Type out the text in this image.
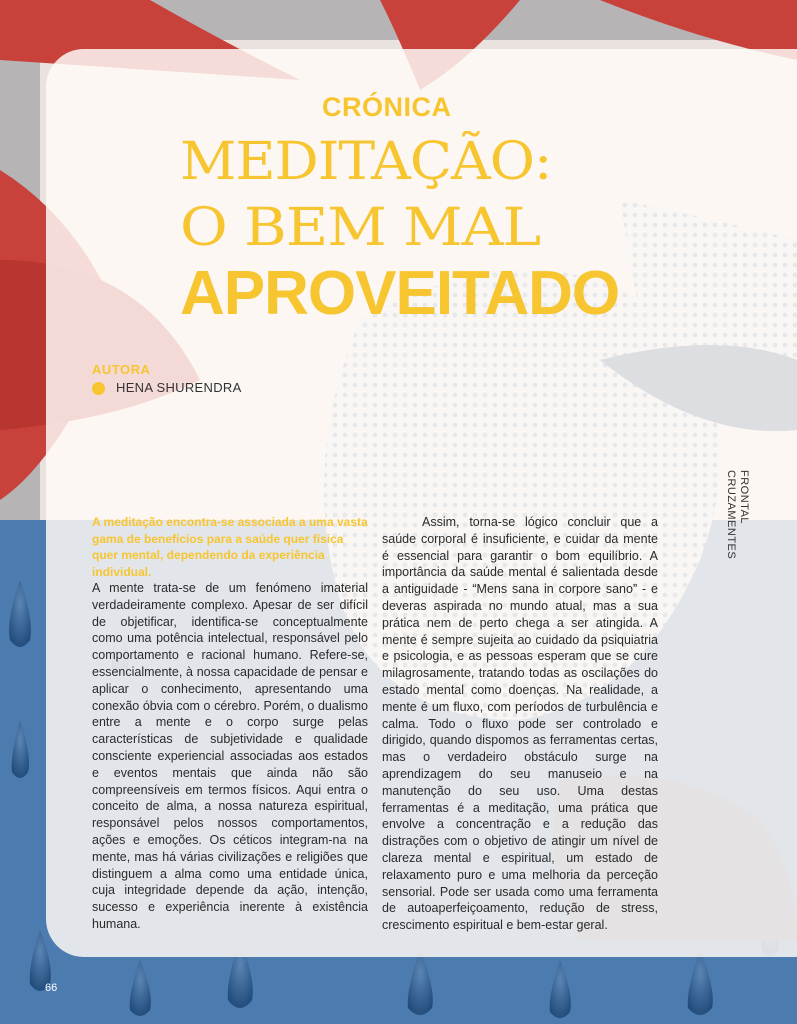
CRÓNICA
MEDITAÇÃO:
O BEM MAL
APROVEITADO
AUTORA
HENA SHURENDRA
FRONTAL
CRUZAMENTES

A meditação encontra-se associada a uma vasta gama de benefícios para a saúde quer física quer mental, dependendo da experiência individual.

A mente trata-se de um fenómeno imaterial verdadeiramente complexo. Apesar de ser difícil de objetificar, identifica-se conceptualmente como uma potência intelectual, responsável pelo comportamento e racional humano. Refere-se, essencialmente, à nossa capacidade de pensar e aplicar o conhecimento, apresentando uma conexão óbvia com o cérebro. Porém, o dualismo entre a mente e o corpo surge pelas características de subjetividade e qualidade consciente experiencial associadas aos estados e eventos mentais que ainda não são compreensíveis em termos físicos. Aqui entra o conceito de alma, a nossa natureza espiritual, responsável pelos nossos comportamentos, ações e emoções. Os céticos integram-na na mente, mas há várias civilizações e religiões que distinguem a alma como uma entidade única, cuja integridade depende da ação, intenção, sucesso e experiência inerente à existência humana.

Assim, torna-se lógico concluir que a saúde corporal é insuficiente, e cuidar da mente é essencial para garantir o bom equilíbrio. A importância da saúde mental é salientada desde a antiguidade - “Mens sana in corpore sano” - e deveras aspirada no mundo atual, mas a sua prática nem de perto chega a ser atingida. A mente é sempre sujeita ao cuidado da psiquiatria e psicologia, e as pessoas esperam que se cure milagrosamente, tratando todas as oscilações do estado mental como doenças. Na realidade, a mente é um fluxo, com períodos de turbulência e calma. Todo o fluxo pode ser controlado e dirigido, quando dispomos as ferramentas certas, mas o verdadeiro obstáculo surge na aprendizagem do seu manuseio e na manutenção do seu uso. Uma destas ferramentas é a meditação, uma prática que envolve a concentração e a redução das distrações com o objetivo de atingir um nível de clareza mental e espiritual, um estado de relaxamento puro e uma melhoria da perceção sensorial. Pode ser usada como uma ferramenta de autoaperfeiçoamento, redução de stress, crescimento espiritual e bem-estar geral.

66
